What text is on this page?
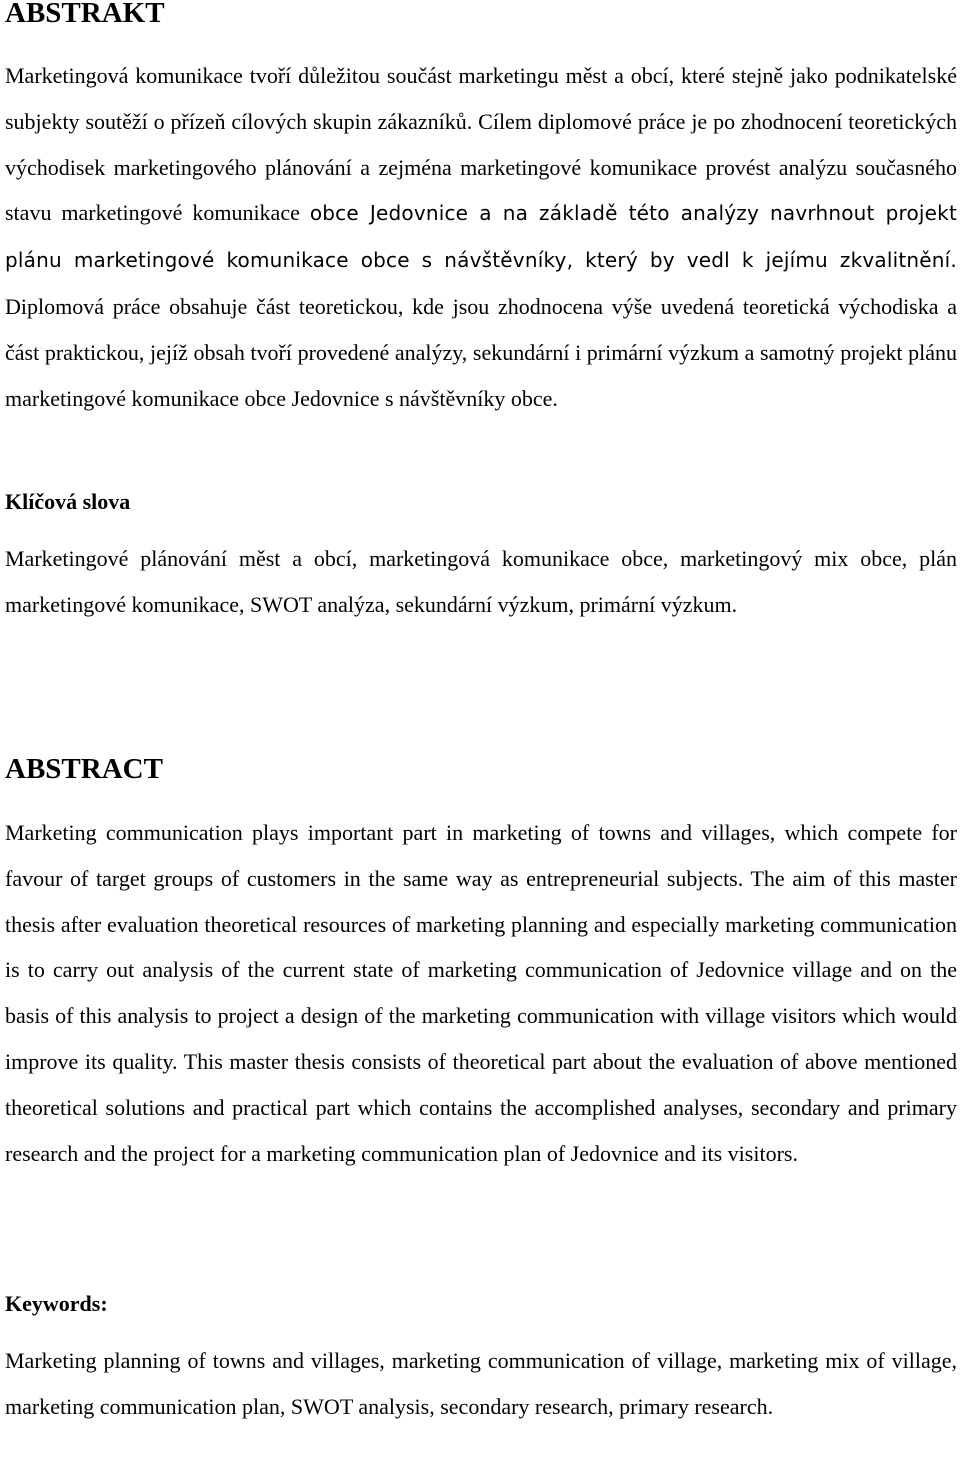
ABSTRAKT

Marketingová komunikace tvoří důležitou součást marketingu měst a obcí, které stejně jako podnikatelské subjekty soutěží o přízeň cílových skupin zákazníků. Cílem diplomové práce je po zhodnocení teoretických východisek marketingového plánování a zejména marketingové komunikace provést analýzu současného stavu marketingové komunikace obce Jedovnice a na základě této analýzy navrhnout projekt plánu marketingové komunikace obce s návštěvníky, který by vedl k jejímu zkvalitnění. Diplomová práce obsahuje část teoretickou, kde jsou zhodnocena výše uvedená teoretická východiska a část praktickou, jejíž obsah tvoří provedené analýzy, sekundární i primární výzkum a samotný projekt plánu marketingové komunikace obce Jedovnice s návštěvníky obce.

Klíčová slova

Marketingové plánování měst a obcí, marketingová komunikace obce, marketingový mix obce, plán marketingové komunikace, SWOT analýza, sekundární výzkum, primární výzkum.

ABSTRACT

Marketing communication plays important part in marketing of towns and villages, which compete for favour of target groups of customers in the same way as entrepreneurial subjects. The aim of this master thesis after evaluation theoretical resources of marketing planning and especially marketing communication is to carry out analysis of the current state of marketing communication of Jedovnice village and on the basis of this analysis to project a design of the marketing communication with village visitors which would improve its quality. This master thesis consists of theoretical part about the evaluation of above mentioned theoretical solutions and practical part which contains the accomplished analyses, secondary and primary research and the project for a marketing communication plan of Jedovnice and its visitors.

Keywords:

Marketing planning of towns and villages, marketing communication of village, marketing mix of village, marketing communication plan, SWOT analysis, secondary research, primary research.
